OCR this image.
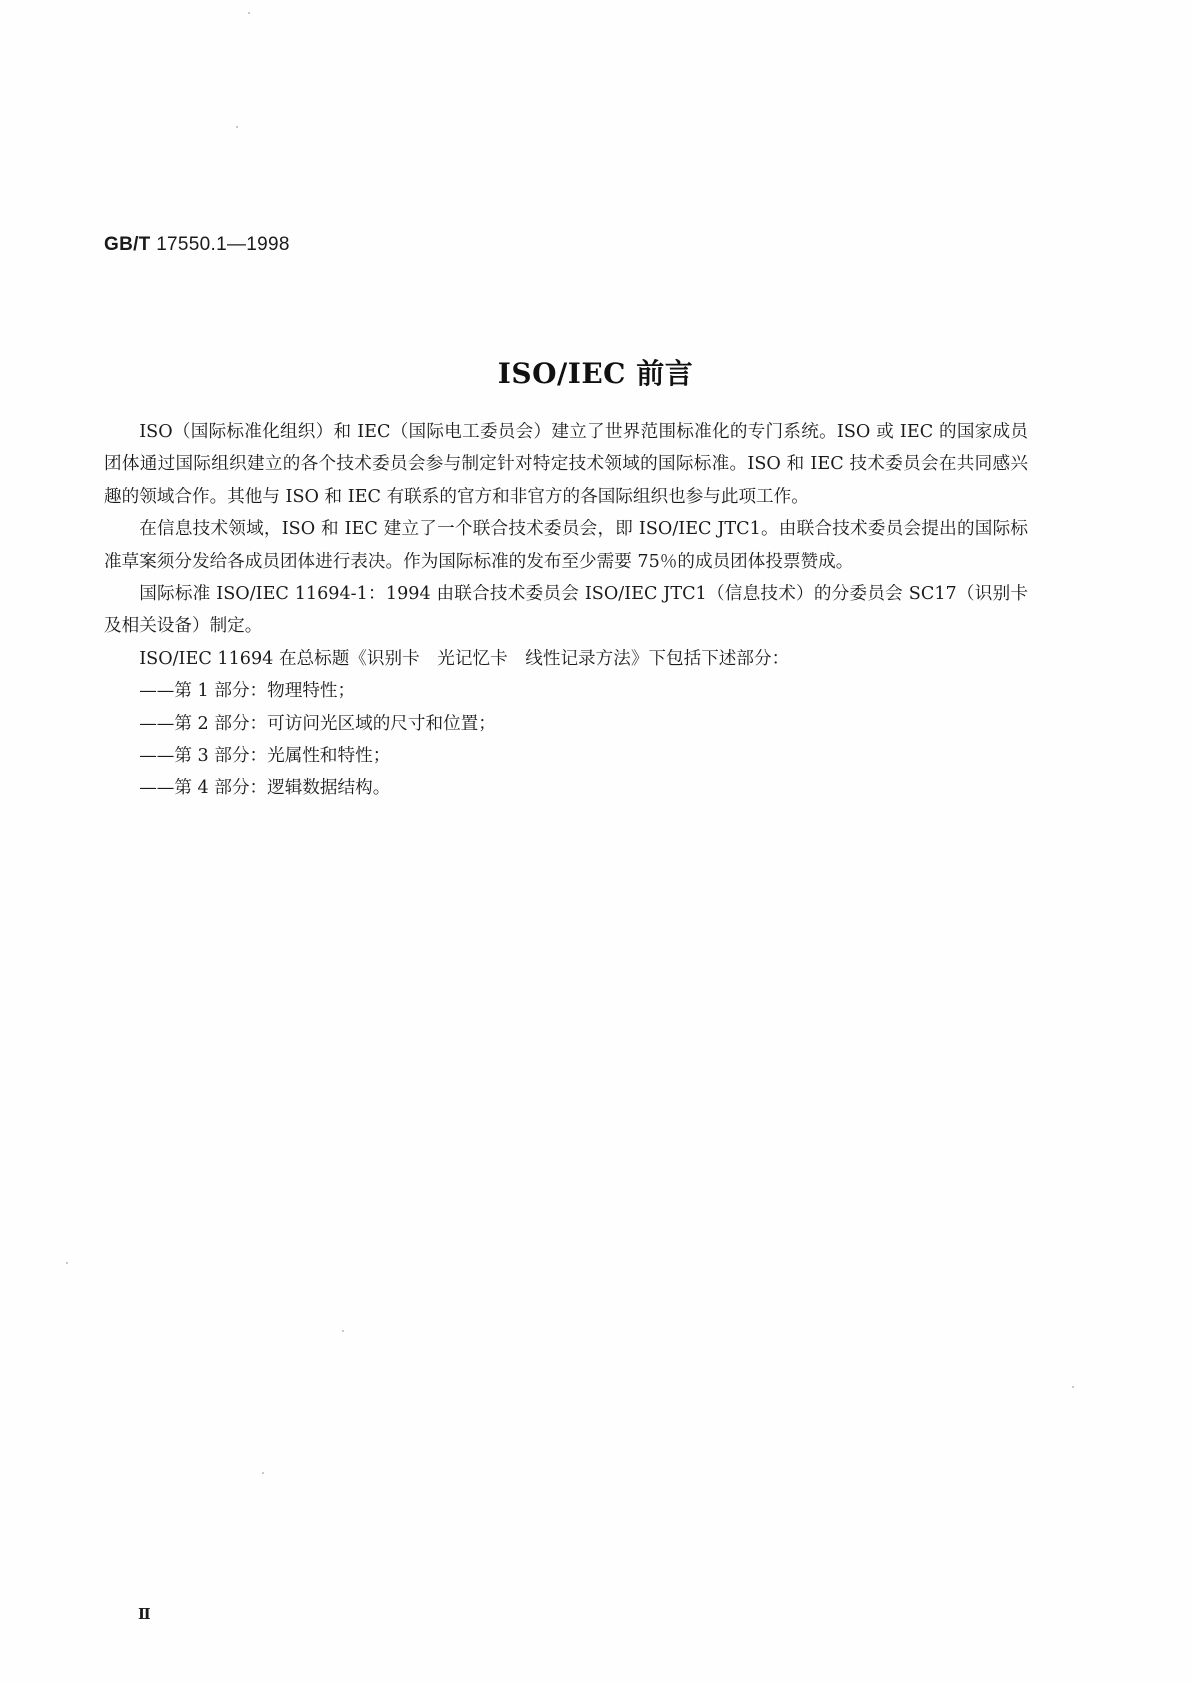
GB/T 17550.1—1998
ISO/IEC 前言

ISO（国际标准化组织）和 IEC（国际电工委员会）建立了世界范围标准化的专门系统。ISO 或 IEC 的国家成员团体通过国际组织建立的各个技术委员会参与制定针对特定技术领域的国际标准。ISO 和 IEC 技术委员会在共同感兴趣的领域合作。其他与 ISO 和 IEC 有联系的官方和非官方的各国际组织也参与此项工作。

在信息技术领域，ISO 和 IEC 建立了一个联合技术委员会，即 ISO/IEC JTC1。由联合技术委员会提出的国际标准草案须分发给各成员团体进行表决。作为国际标准的发布至少需要 75％的成员团体投票赞成。

国际标准 ISO/IEC 11694-1：1994 由联合技术委员会 ISO/IEC JTC1（信息技术）的分委员会 SC17（识别卡及相关设备）制定。

ISO/IEC 11694 在总标题《识别卡　光记忆卡　线性记录方法》下包括下述部分：

——第 1 部分：物理特性；
——第 2 部分：可访问光区域的尺寸和位置；
——第 3 部分：光属性和特性；
——第 4 部分：逻辑数据结构。
Ⅱ
